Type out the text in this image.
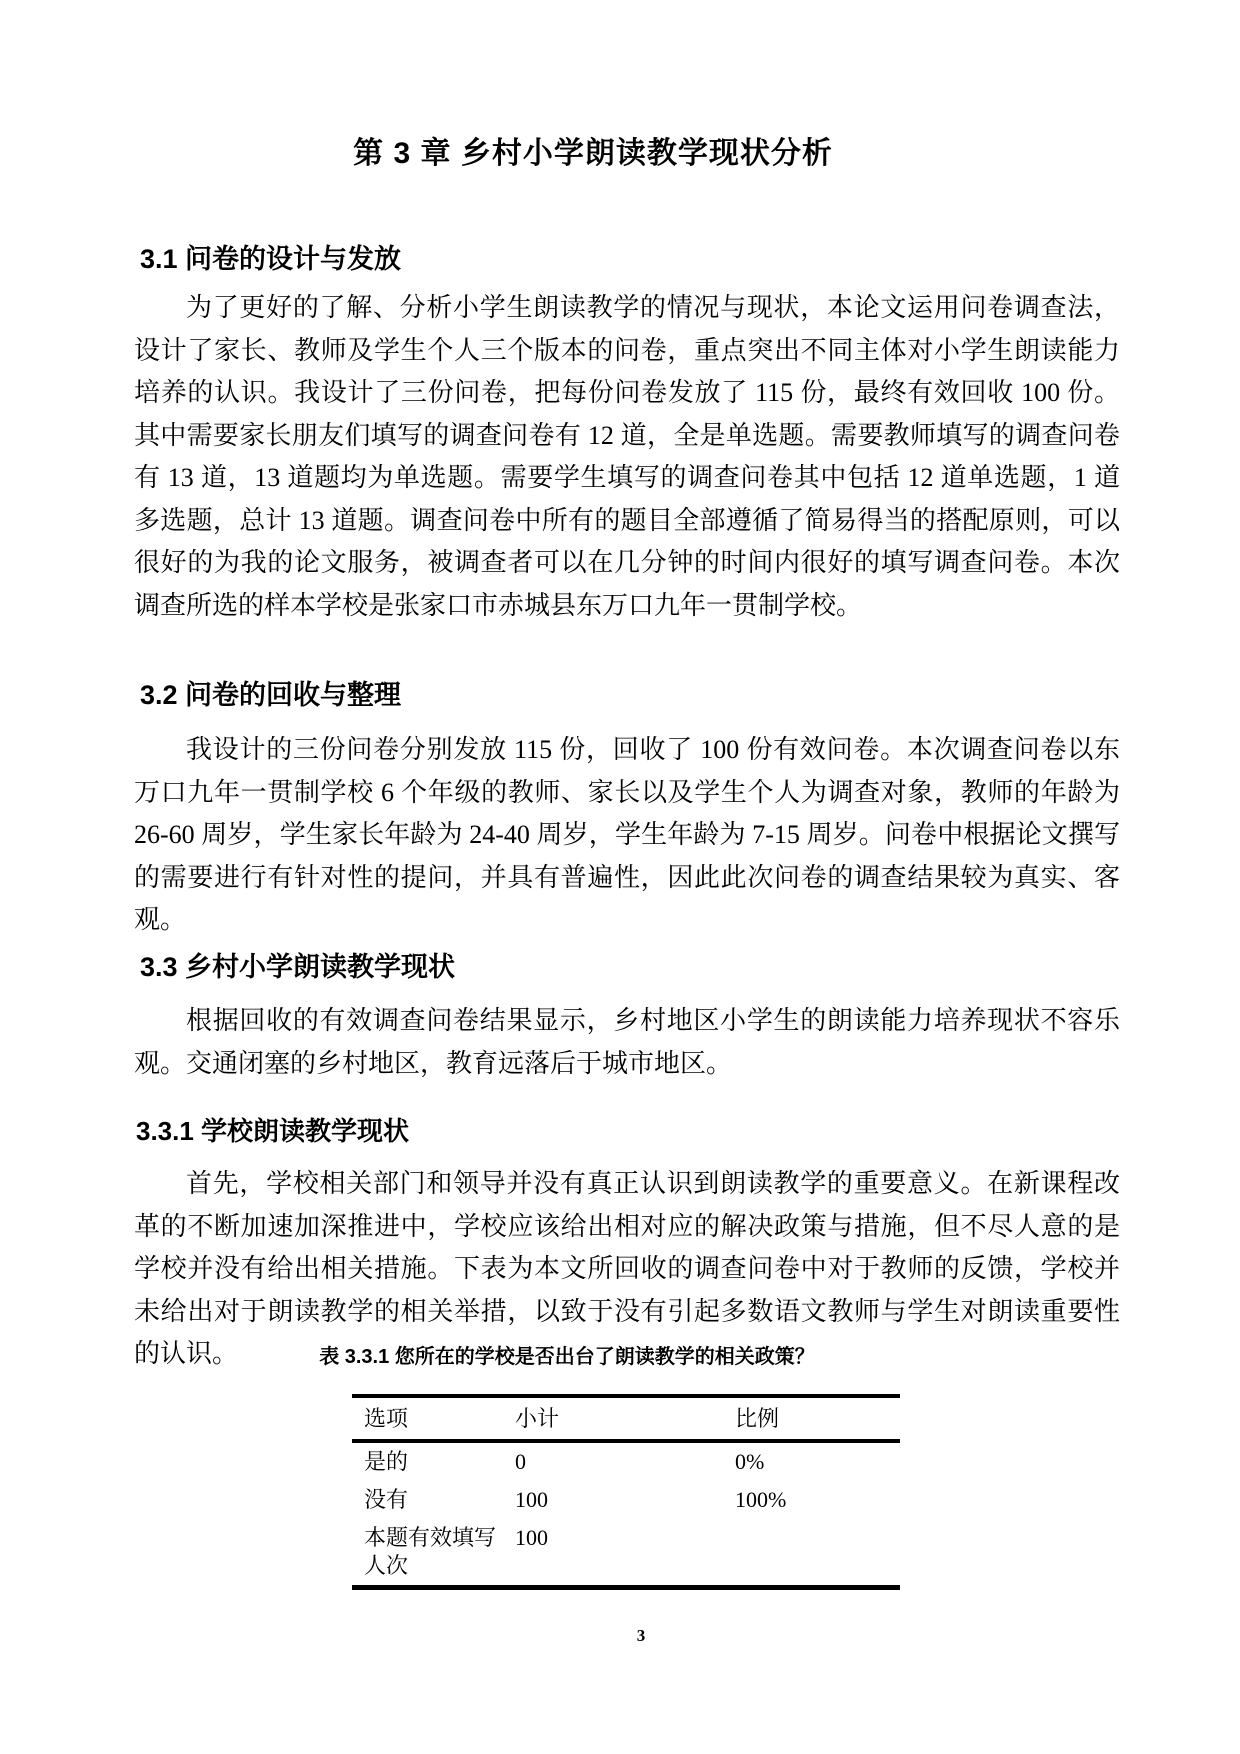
第 3 章 乡村小学朗读教学现状分析
3.1 问卷的设计与发放

为了更好的了解、分析小学生朗读教学的情况与现状，本论文运用问卷调查法，设计了家长、教师及学生个人三个版本的问卷，重点突出不同主体对小学生朗读能力培养的认识。我设计了三份问卷，把每份问卷发放了 115 份，最终有效回收 100 份。其中需要家长朋友们填写的调查问卷有 12 道，全是单选题。需要教师填写的调查问卷有 13 道，13 道题均为单选题。需要学生填写的调查问卷其中包括 12 道单选题，1 道多选题，总计 13 道题。调查问卷中所有的题目全部遵循了简易得当的搭配原则，可以很好的为我的论文服务，被调查者可以在几分钟的时间内很好的填写调查问卷。本次调查所选的样本学校是张家口市赤城县东万口九年一贯制学校。

3.2 问卷的回收与整理

我设计的三份问卷分别发放 115 份，回收了 100 份有效问卷。本次调查问卷以东万口九年一贯制学校 6 个年级的教师、家长以及学生个人为调查对象，教师的年龄为 26-60 周岁，学生家长年龄为 24-40 周岁，学生年龄为 7-15 周岁。问卷中根据论文撰写的需要进行有针对性的提问，并具有普遍性，因此此次问卷的调查结果较为真实、客观。

3.3 乡村小学朗读教学现状

根据回收的有效调查问卷结果显示，乡村地区小学生的朗读能力培养现状不容乐观。交通闭塞的乡村地区，教育远落后于城市地区。

3.3.1 学校朗读教学现状

首先，学校相关部门和领导并没有真正认识到朗读教学的重要意义。在新课程改革的不断加速加深推进中，学校应该给出相对应的解决政策与措施，但不尽人意的是学校并没有给出相关措施。下表为本文所回收的调查问卷中对于教师的反馈，学校并未给出对于朗读教学的相关举措，以致于没有引起多数语文教师与学生对朗读重要性的认识。	表 3.3.1 您所在的学校是否出台了朗读教学的相关政策？
选项	小计	比例
是的	0	0%
没有	100	100%
本题有效填写人次	100	
3
